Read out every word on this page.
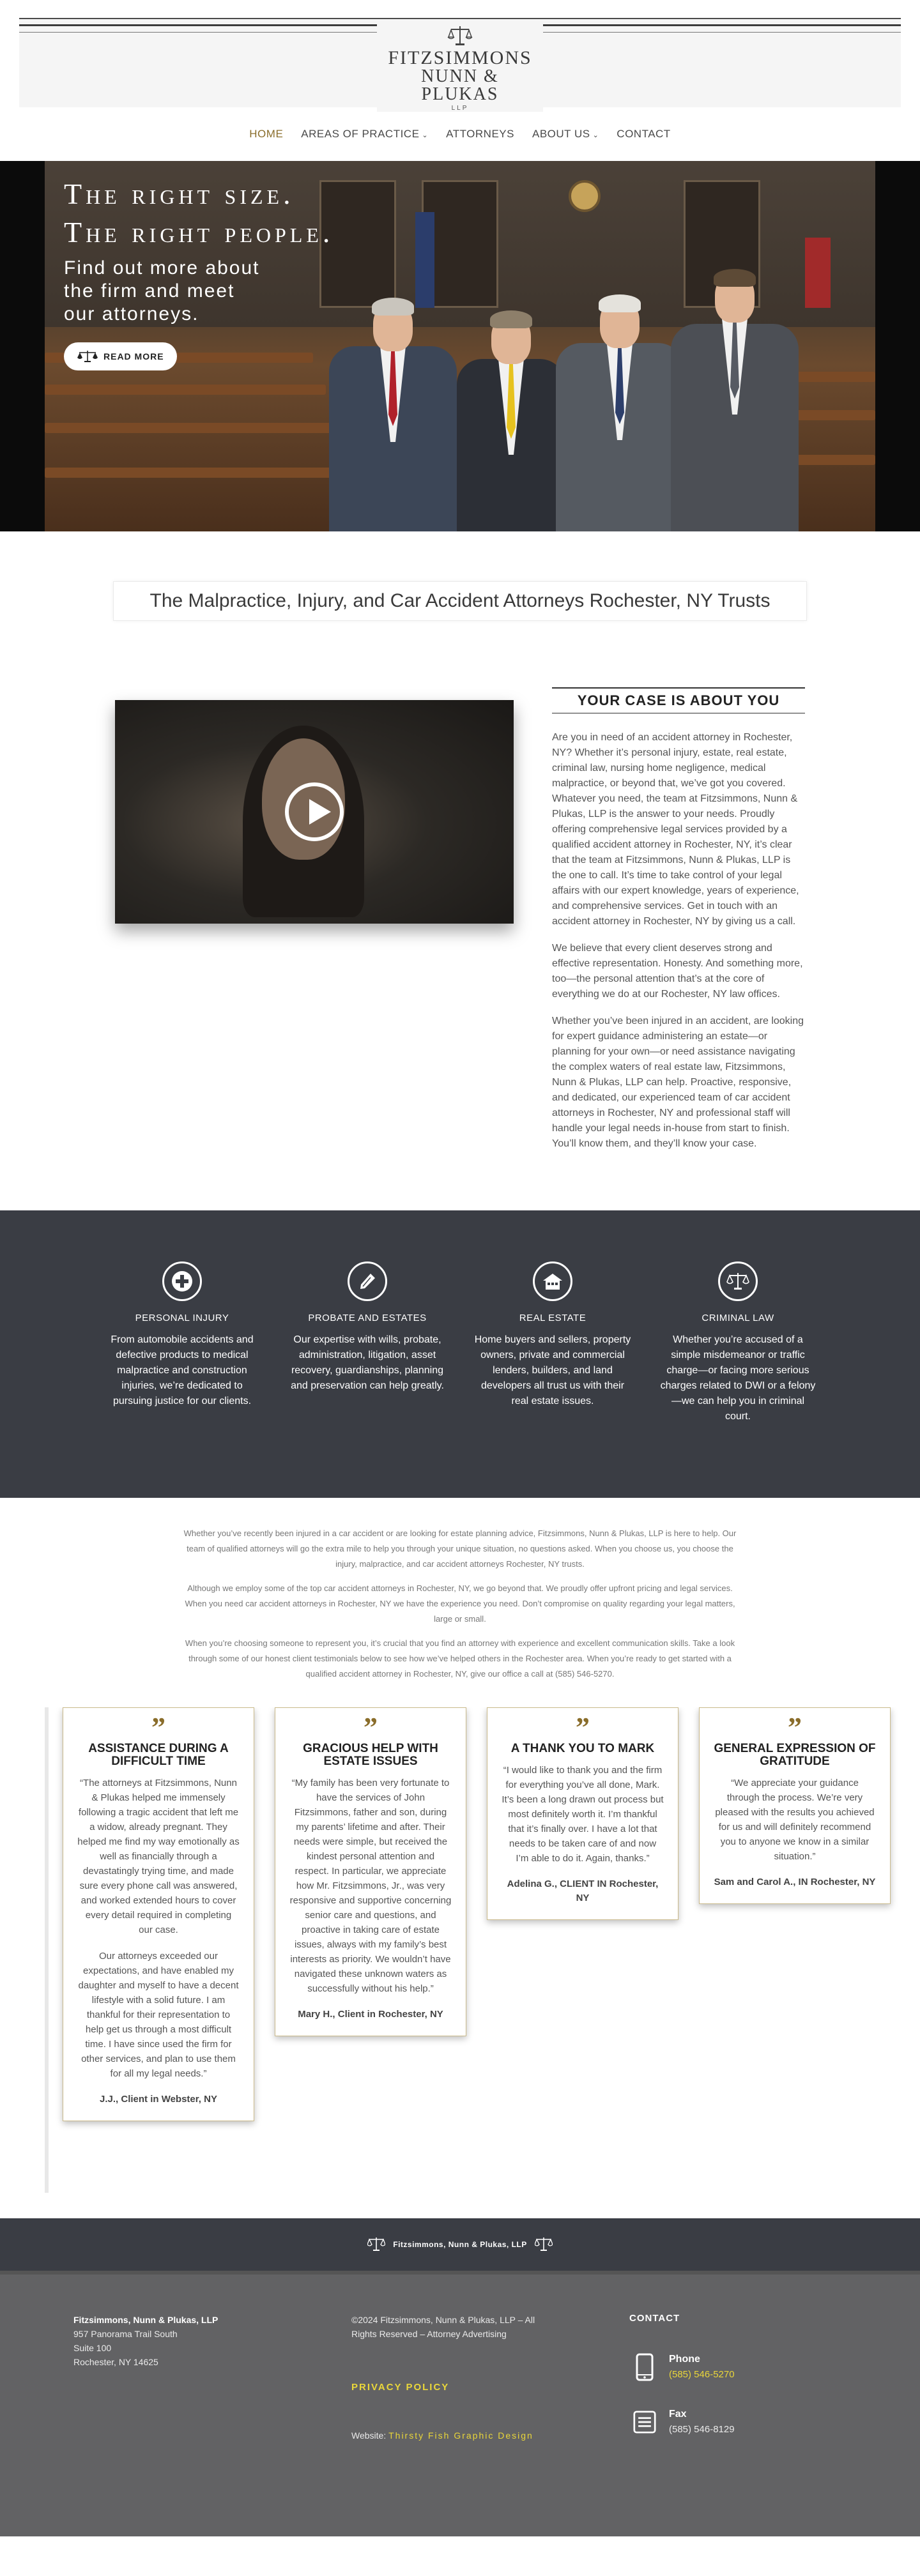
FITZSIMMONS
NUNN & PLUKAS
LLP
HOME	AREAS OF PRACTICE ⌄	ATTORNEYS	ABOUT US ⌄	CONTACT
The right size.
The right people.
Find out more about
the firm and meet
our attorneys.
READ MORE
The Malpractice, Injury, and Car Accident Attorneys Rochester, NY Trusts
YOUR CASE IS ABOUT YOU

Are you in need of an accident attorney in Rochester, NY? Whether it’s personal injury, estate, real estate, criminal law, nursing home negligence, medical malpractice, or beyond that, we’ve got you covered. Whatever you need, the team at Fitzsimmons, Nunn & Plukas, LLP is the answer to your needs. Proudly offering comprehensive legal services provided by a qualified accident attorney in Rochester, NY, it’s clear that the team at Fitzsimmons, Nunn & Plukas, LLP is the one to call. It’s time to take control of your legal affairs with our expert knowledge, years of experience, and comprehensive services. Get in touch with an accident attorney in Rochester, NY by giving us a call.

We believe that every client deserves strong and effective representation. Honesty. And something more, too—the personal attention that’s at the core of everything we do at our Rochester, NY law offices.

Whether you’ve been injured in an accident, are looking for expert guidance administering an estate—or planning for your own—or need assistance navigating the complex waters of real estate law, Fitzsimmons, Nunn & Plukas, LLP can help. Proactive, responsive, and dedicated, our experienced team of car accident attorneys in Rochester, NY and professional staff will handle your legal needs in-house from start to finish. You’ll know them, and they’ll know your case.

PERSONAL INJURY

From automobile accidents and defective products to medical malpractice and construction injuries, we’re dedicated to pursuing justice for our clients.

PROBATE AND ESTATES

Our expertise with wills, probate, administration, litigation, asset recovery, guardianships, planning and preservation can help greatly.

REAL ESTATE

Home buyers and sellers, property owners, private and commercial lenders, builders, and land developers all trust us with their real estate issues.

CRIMINAL LAW

Whether you’re accused of a simple misdemeanor or traffic charge—or facing more serious charges related to DWI or a felony—we can help you in criminal court.

Whether you’ve recently been injured in a car accident or are looking for estate planning advice, Fitzsimmons, Nunn & Plukas, LLP is here to help. Our team of qualified attorneys will go the extra mile to help you through your unique situation, no questions asked. When you choose us, you choose the injury, malpractice, and car accident attorneys Rochester, NY trusts.

Although we employ some of the top car accident attorneys in Rochester, NY, we go beyond that. We proudly offer upfront pricing and legal services. When you need car accident attorneys in Rochester, NY we have the experience you need. Don’t compromise on quality regarding your legal matters, large or small.

When you’re choosing someone to represent you, it’s crucial that you find an attorney with experience and excellent communication skills. Take a look through some of our honest client testimonials below to see how we’ve helped others in the Rochester area. When you’re ready to get started with a qualified accident attorney in Rochester, NY, give our office a call at (585) 546-5270.

”
ASSISTANCE DURING A DIFFICULT TIME

“The attorneys at Fitzsimmons, Nunn & Plukas helped me immensely following a tragic accident that left me a widow, already pregnant. They helped me find my way emotionally as well as financially through a devastatingly trying time, and made sure every phone call was answered, and worked extended hours to cover every detail required in completing our case.

Our attorneys exceeded our expectations, and have enabled my daughter and myself to have a decent lifestyle with a solid future. I am thankful for their representation to help get us through a most difficult time. I have since used the firm for other services, and plan to use them for all my legal needs.”

J.J., Client in Webster, NY

”
GRACIOUS HELP WITH ESTATE ISSUES

“My family has been very fortunate to have the services of John Fitzsimmons, father and son, during my parents’ lifetime and after. Their needs were simple, but received the kindest personal attention and respect. In particular, we appreciate how Mr. Fitzsimmons, Jr., was very responsive and supportive concerning senior care and questions, and proactive in taking care of estate issues, always with my family’s best interests as priority. We wouldn’t have navigated these unknown waters as successfully without his help.”

Mary H., Client in Rochester, NY

”
A THANK YOU TO MARK

“I would like to thank you and the firm for everything you’ve all done, Mark. It’s been a long drawn out process but most definitely worth it. I’m thankful that it’s finally over. I have a lot that needs to be taken care of and now I’m able to do it. Again, thanks.”

Adelina G., CLIENT IN Rochester, NY

”
GENERAL EXPRESSION OF GRATITUDE

“We appreciate your guidance through the process. We’re very pleased with the results you achieved for us and will definitely recommend you to anyone we know in a similar situation.”

Sam and Carol A., IN Rochester, NY

Fitzsimmons, Nunn & Plukas, LLP
Fitzsimmons, Nunn & Plukas, LLP
957 Panorama Trail South
Suite 100
Rochester, NY 14625
©2024 Fitzsimmons, Nunn & Plukas, LLP – All Rights Reserved – Attorney Advertising
PRIVACY POLICY
Website: Thirsty Fish Graphic Design
CONTACT
Phone
(585) 546-5270
Fax
(585) 546-8129
